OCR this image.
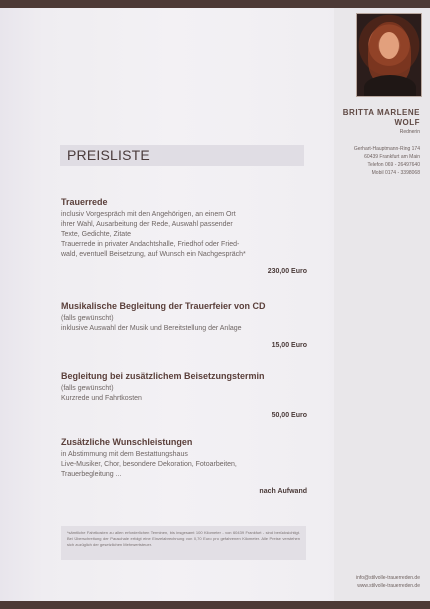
BRITTA MARLENE
WOLF
Rednerin
Gerhart-Hauptmann-Ring 174
60439 Frankfurt am Main
Telefon 069 - 26497640
Mobil 0174 - 3398068
PREISLISTE
Trauerrede
inclusiv Vorgespräch mit den Angehörigen, an einem Ort
ihrer Wahl, Ausarbeitung der Rede, Auswahl passender
Texte, Gedichte, Zitate
Trauerrede in privater Andachtshalle, Friedhof oder Fried-
wald, eventuell Beisetzung, auf Wunsch ein Nachgespräch*
230,00 Euro
Musikalische Begleitung der Trauerfeier von CD
(falls gewünscht)
inklusive Auswahl der Musik und Bereitstellung der Anlage
15,00 Euro
Begleitung bei zusätzlichem Beisetzungstermin
(falls gewünscht)
Kurzrede und Fahrtkosten
50,00 Euro
Zusätzliche Wunschleistungen
in Abstimmung mit dem Bestattungshaus
Live-Musiker, Chor, besondere Dekoration, Fotoarbeiten,
Trauerbegleitung ...
nach Aufwand
*sämtliche Fahrtkosten zu allen erforderlichen Terminen, bis insgesamt 100 Kilometer - von 60439 Frankfurt - sind berücksichtigt. Bei Überschreitung der Pauschale erfolgt eine Einzelabrechnung von 0,70 Euro pro gefahrenen Kilometer. Alle Preise verstehen sich zuzüglich der gesetzlichen Mehrwertsteuer.
info@stilvolle-trauerreden.de
www.stilvolle-trauerreden.de
